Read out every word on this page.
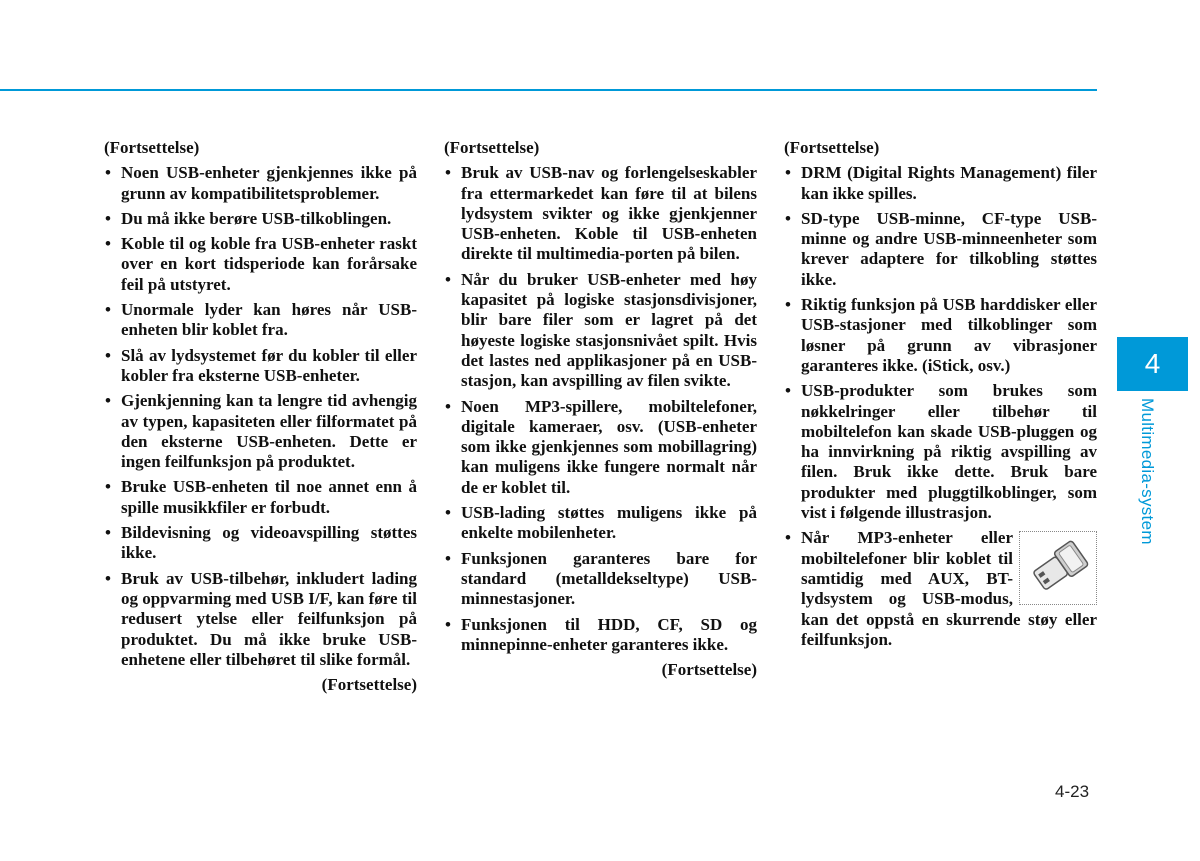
(Fortsettelse)

• Noen USB-enheter gjenkjennes ikke på grunn av kompatibilitetsproblemer.
• Du må ikke berøre USB-tilkoblingen.
• Koble til og koble fra USB-enheter raskt over en kort tidsperiode kan forårsake feil på utstyret.
• Unormale lyder kan høres når USB-enheten blir koblet fra.
• Slå av lydsystemet før du kobler til eller kobler fra eksterne USB-enheter.
• Gjenkjenning kan ta lengre tid avhengig av typen, kapasiteten eller filformatet på den eksterne USB-enheten. Dette er ingen feilfunksjon på produktet.
• Bruke USB-enheten til noe annet enn å spille musikkfiler er forbudt.
• Bildevisning og videoavspilling støttes ikke.
• Bruk av USB-tilbehør, inkludert lading og oppvarming med USB I/F, kan føre til redusert ytelse eller feilfunksjon på produktet. Du må ikke bruke USB-enhetene eller tilbehøret til slike formål.

(Fortsettelse)

(Fortsettelse)

• Bruk av USB-nav og forlengelseskabler fra ettermarkedet kan føre til at bilens lydsystem svikter og ikke gjenkjenner USB-enheten. Koble til USB-enheten direkte til multimedia-porten på bilen.
• Når du bruker USB-enheter med høy kapasitet på logiske stasjonsdivisjoner, blir bare filer som er lagret på det høyeste logiske stasjonsnivået spilt. Hvis det lastes ned applikasjoner på en USB-stasjon, kan avspilling av filen svikte.
• Noen MP3-spillere, mobiltelefoner, digitale kameraer, osv. (USB-enheter som ikke gjenkjennes som mobillagring) kan muligens ikke fungere normalt når de er koblet til.
• USB-lading støttes muligens ikke på enkelte mobilenheter.
• Funksjonen garanteres bare for standard (metalldekseltype) USB-minnestasjoner.
• Funksjonen til HDD, CF, SD og minnepinne-enheter garanteres ikke.

(Fortsettelse)

(Fortsettelse)

• DRM (Digital Rights Management) filer kan ikke spilles.
• SD-type USB-minne, CF-type USB-minne og andre USB-minneenheter som krever adaptere for tilkobling støttes ikke.
• Riktig funksjon på USB harddisker eller USB-stasjoner med tilkoblinger som løsner på grunn av vibrasjoner garanteres ikke. (iStick, osv.)
• USB-produkter som brukes som nøkkelringer eller tilbehør til mobiltelefon kan skade USB-pluggen og ha innvirkning på riktig avspilling av filen. Bruk ikke dette. Bruk bare produkter med pluggtilkoblinger, som vist i følgende illustrasjon.
• Når MP3-enheter eller mobiltelefoner blir koblet til samtidig med AUX, BT-lydsystem og USB-modus, kan det oppstå en skurrende støy eller feilfunksjon.
4
Multimedia-system
4-23
